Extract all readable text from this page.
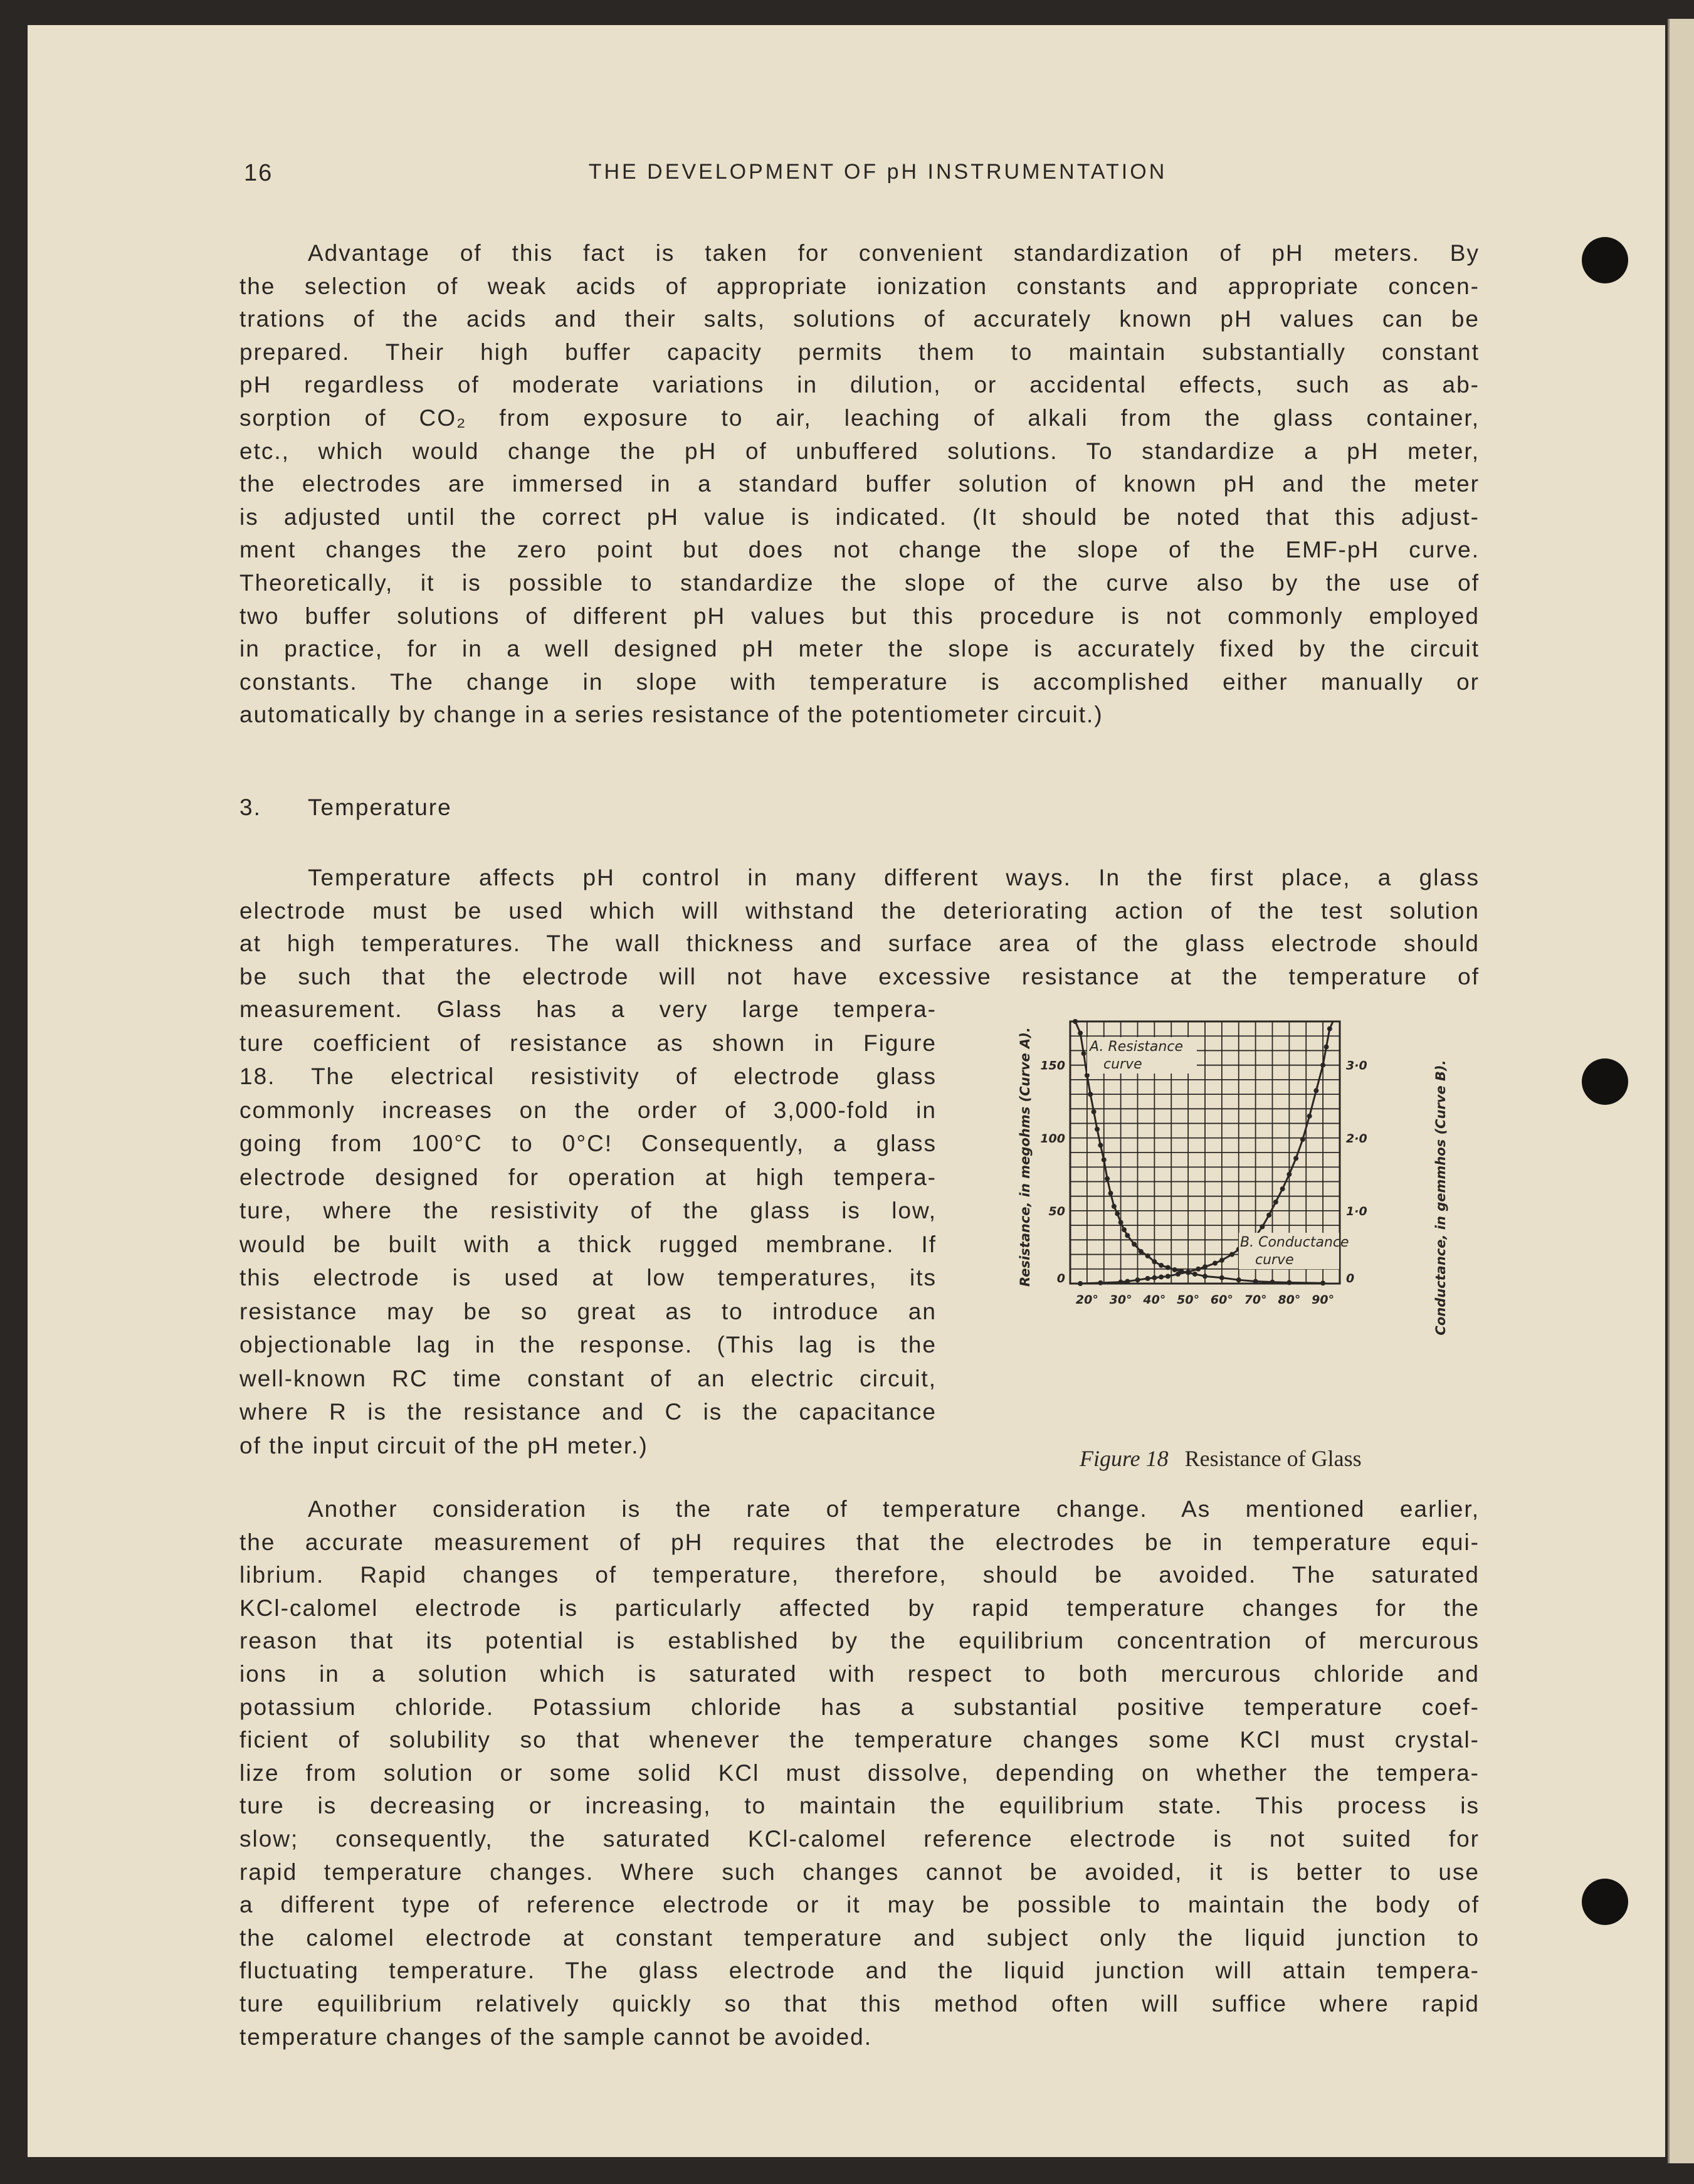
16	THE DEVELOPMENT OF pH INSTRUMENTATION
Advantage of this fact is taken for convenient standardization of pH meters. By
the selection of weak acids of appropriate ionization constants and appropriate concen-
trations of the acids and their salts, solutions of accurately known pH values can be
prepared. Their high buffer capacity permits them to maintain substantially constant
pH regardless of moderate variations in dilution, or accidental effects, such as ab-
sorption of CO₂ from exposure to air, leaching of alkali from the glass container,
etc., which would change the pH of unbuffered solutions. To standardize a pH meter,
the electrodes are immersed in a standard buffer solution of known pH and the meter
is adjusted until the correct pH value is indicated. (It should be noted that this adjust-
ment changes the zero point but does not change the slope of the EMF-pH curve.
Theoretically, it is possible to standardize the slope of the curve also by the use of
two buffer solutions of different pH values but this procedure is not commonly employed
in practice, for in a well designed pH meter the slope is accurately fixed by the circuit
constants. The change in slope with temperature is accomplished either manually or
automatically by change in a series resistance of the potentiometer circuit.)
3. Temperature
Temperature affects pH control in many different ways. In the first place, a glass
electrode must be used which will withstand the deteriorating action of the test solution
at high temperatures. The wall thickness and surface area of the glass electrode should
be such that the electrode will not have excessive resistance at the temperature of
measurement. Glass has a very large tempera-
ture coefficient of resistance as shown in Figure
18. The electrical resistivity of electrode glass
commonly increases on the order of 3,000-fold in
going from 100°C to 0°C! Consequently, a glass
electrode designed for operation at high tempera-
ture, where the resistivity of the glass is low,
would be built with a thick rugged membrane. If
this electrode is used at low temperatures, its
resistance may be so great as to introduce an
objectionable lag in the response. (This lag is the
well-known RC time constant of an electric circuit,
where R is the resistance and C is the capacitance
of the input circuit of the pH meter.)
Another consideration is the rate of temperature change. As mentioned earlier,
the accurate measurement of pH requires that the electrodes be in temperature equi-
librium. Rapid changes of temperature, therefore, should be avoided. The saturated
KCl-calomel electrode is particularly affected by rapid temperature changes for the
reason that its potential is established by the equilibrium concentration of mercurous
ions in a solution which is saturated with respect to both mercurous chloride and
potassium chloride. Potassium chloride has a substantial positive temperature coef-
ficient of solubility so that whenever the temperature changes some KCl must crystal-
lize from solution or some solid KCl must dissolve, depending on whether the tempera-
ture is decreasing or increasing, to maintain the equilibrium state. This process is
slow; consequently, the saturated KCl-calomel reference electrode is not suited for
rapid temperature changes. Where such changes cannot be avoided, it is better to use
a different type of reference electrode or it may be possible to maintain the body of
the calomel electrode at constant temperature and subject only the liquid junction to
fluctuating temperature. The glass electrode and the liquid junction will attain tempera-
ture equilibrium relatively quickly so that this method often will suffice where rapid
temperature changes of the sample cannot be avoided.
20° 30° 40° 50° 60° 70° 80° 90°
0
50
100
150
0
1·0
2·0
3·0
Resistance, in megohms (Curve A).	Conductance, in gemmhos (Curve B).
A. Resistance
curve
B. Conductance
curve
Figure 18 Resistance of Glass
